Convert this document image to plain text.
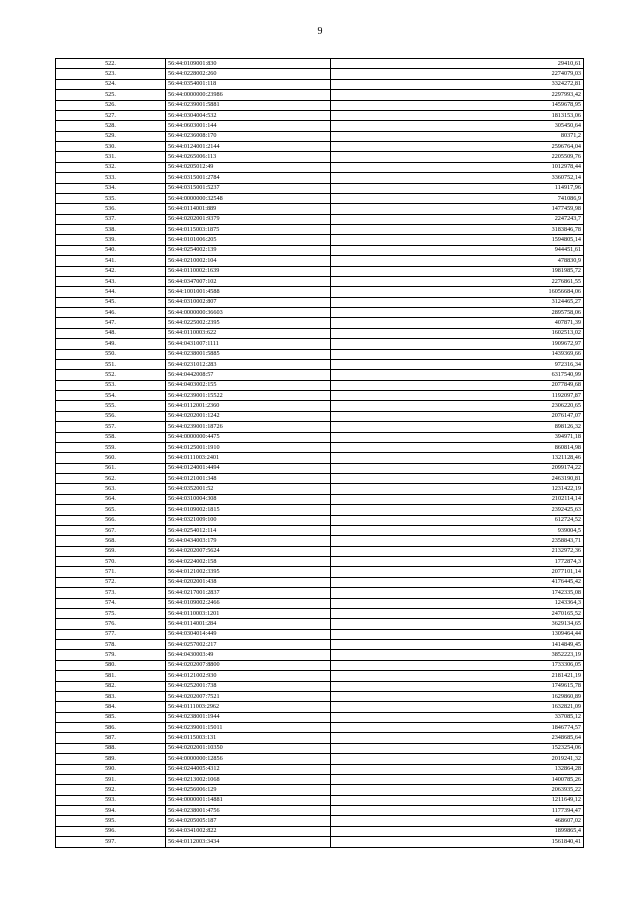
9
522.	56:44:0109001:830	29410,61
523.	56:44:0228002:260	2274079,03
524.	56:44:0354001:118	3324272,81
525.	56:44:0000000:23986	2297993,42
526.	56:44:0239001:5881	1459678,95
527.	56:44:0304004:532	1813153,06
528.	56:44:0603001:144	305450,64
529.	56:44:0236008:170	80371,2
530.	56:44:0124001:2144	2596764,04
531.	56:44:0265006:113	2205509,76
532.	56:44:0205012:49	1012978,44
533.	56:44:0315001:2784	3360752,14
534.	56:44:0315001:5237	114917,96
535.	56:44:0000000:32548	741086,9
536.	56:44:0114001:889	1477459,98
537.	56:44:0202001:9379	2247243,7
538.	56:44:0115003:1875	3183846,78
539.	56:44:0101006:205	1594805,14
540.	56:44:0254002:139	944451,61
541.	56:44:0210002:104	478830,9
542.	56:44:0110002:1639	1981985,72
543.	56:44:0347007:102	2276861,55
544.	56:44:1001001:4588	16056684,06
545.	56:44:0310002:807	3124465,27
546.	56:44:0000000:36603	2895758,06
547.	56:44:0225002:2395	407871,39
548.	56:44:0110003:622	1602513,02
549.	56:44:0431007:1111	1909672,97
550.	56:44:0238001:5885	1439369,66
551.	56:44:0231012:283	972316,34
552.	56:44:0442008:57	6317540,99
553.	56:44:0403002:155	2077849,68
554.	56:44:0239001:15522	1192097,87
555.	56:44:0112001:2360	2306220,65
556.	56:44:0202001:1242	2076147,07
557.	56:44:0239001:18726	898126,32
558.	56:44:0000000:4475	394971,18
559.	56:44:0125001:1910	860814,98
560.	56:44:0111003:2401	1321128,46
561.	56:44:0124001:4494	2099174,22
562.	56:44:0121001:348	2463190,81
563.	56:44:0352001:52	1231422,19
564.	56:44:0310004:308	2102114,14
565.	56:44:0109002:1815	2392425,63
566.	56:44:0321009:100	612724,52
567.	56:44:0254012:114	939004,5
568.	56:44:0434003:179	2358843,71
569.	56:44:0202007:5624	2132972,36
570.	56:44:0224002:158	1772874,3
571.	56:44:0121002:3395	2077101,14
572.	56:44:0202001:438	4176445,42
573.	56:44:0217001:2837	1742335,08
574.	56:44:0109002:2466	1243364,3
575.	56:44:0110003:1201	2470165,52
576.	56:44:0114001:284	3629134,65
577.	56:44:0304014:449	1309464,44
578.	56:44:0257002:217	1414849,45
579.	56:44:0430003:49	3852223,19
580.	56:44:0202007:8800	1733306,05
581.	56:44:0121002:930	2181421,19
582.	56:44:0252001:738	1749615,78
583.	56:44:0202007:7521	1629860,89
584.	56:44:0111003:2962	1632821,09
585.	56:44:0238001:1944	337085,12
586.	56:44:0239001:15011	1846774,57
587.	56:44:0115003:131	2348685,64
588.	56:44:0202001:10350	1523254,06
589.	56:44:0000000:12856	2019241,32
590.	56:44:0244005:4312	132864,28
591.	56:44:0213002:1068	1400785,26
592.	56:44:0256006:129	2063935,22
593.	56:44:0000001:14881	1211649,12
594.	56:44:0238001:4756	1177394,47
595.	56:44:0205005:187	468607,02
596.	56:44:0341002:822	1899865,4
597.	56:44:0112003:3434	1561840,41
